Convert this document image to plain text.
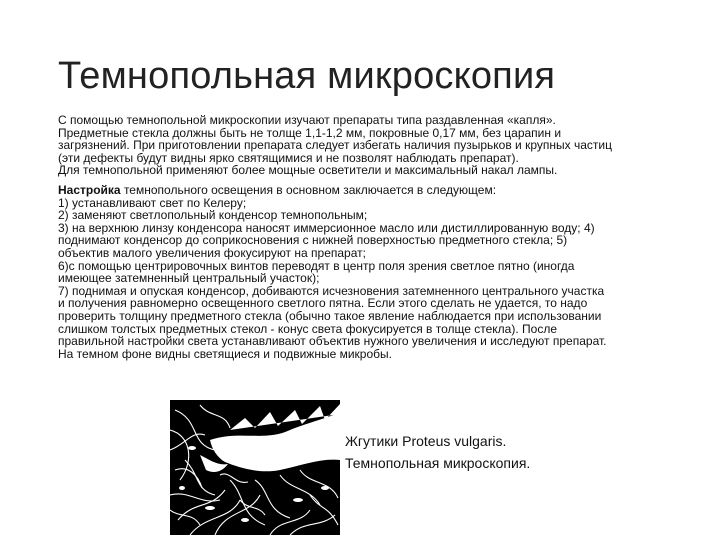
Темнопольная микроскопия

С помощью темнопольной микроскопии изучают препараты типа раздавленная «капля».
Предметные стекла должны быть не толще 1,1-1,2 мм, покровные 0,17 мм, без царапин и
загрязнений. При приготовлении препарата следует избегать наличия пузырьков и крупных частиц
(эти дефекты будут видны ярко святящимися и не позволят наблюдать препарат).
Для темнопольной применяют более мощные осветители и максимальный накал лампы.

Настройка темнопольного освещения в основном заключается в следующем:
1) устанавливают свет по Келеру;
2) заменяют светлопольный конденсор темнопольным;
3) на верхнюю линзу конденсора наносят иммерсионное масло или дистиллированную воду; 4)
поднимают конденсор до соприкосновения с нижней поверхностью предметного стекла; 5)
объектив малого увеличения фокусируют на препарат;
6)с помощью центрировочных винтов переводят в центр поля зрения светлое пятно (иногда
имеющее затемненный центральный участок);
7) поднимая и опуская конденсор, добиваются исчезновения затемненного центрального участка
и получения равномерно освещенного светлого пятна. Если этого сделать не удается, то надо
проверить толщину предметного стекла (обычно такое явление наблюдается при использовании
слишком толстых предметных стекол - конус света фокусируется в толще стекла). После
правильной настройки света устанавливают объектив нужного увеличения и исследуют препарат.
На темном фоне видны светящиеся и подвижные микробы.

Жгутики Proteus vulgaris.
Темнопольная микроскопия.
